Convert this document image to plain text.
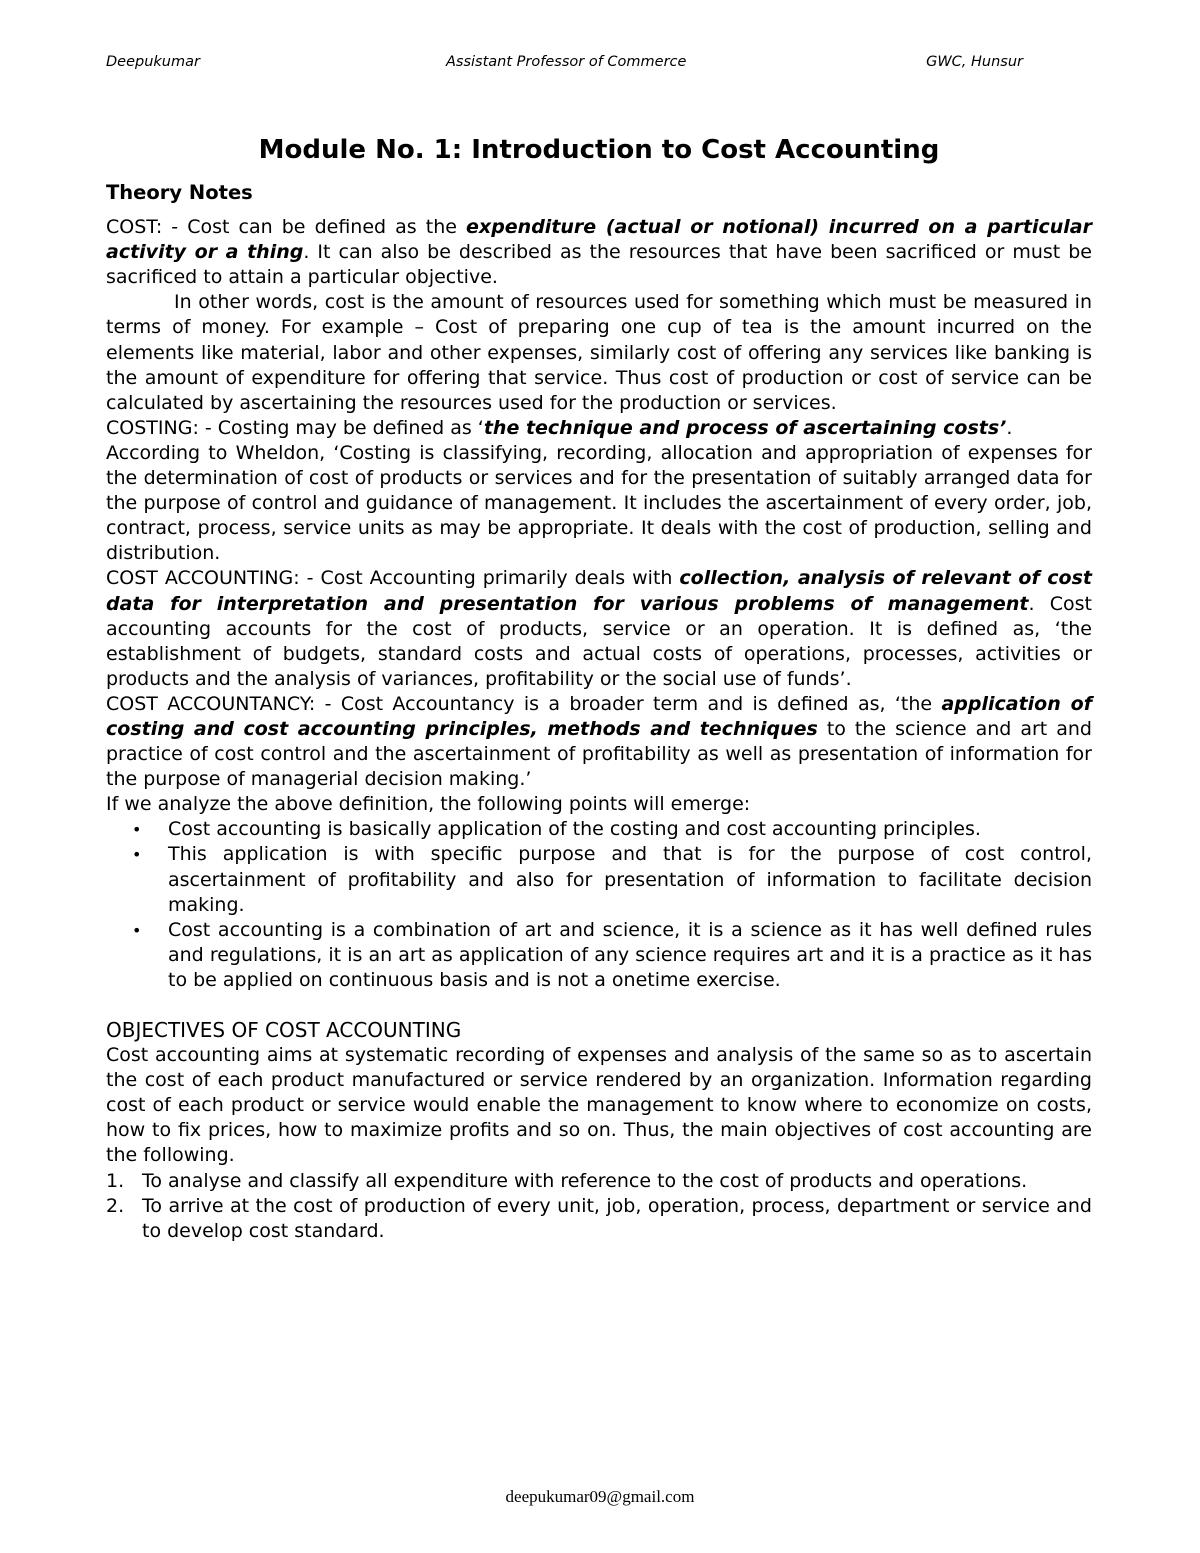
Deepukumar	Assistant Professor of Commerce	GWC, Hunsur
Module No. 1: Introduction to Cost Accounting
Theory Notes

COST: - Cost can be defined as the expenditure (actual or notional) incurred on a particular activity or a thing. It can also be described as the resources that have been sacrificed or must be sacrificed to attain a particular objective.

In other words, cost is the amount of resources used for something which must be measured in terms of money. For example – Cost of preparing one cup of tea is the amount incurred on the elements like material, labor and other expenses, similarly cost of offering any services like banking is the amount of expenditure for offering that service. Thus cost of production or cost of service can be calculated by ascertaining the resources used for the production or services.

COSTING: - Costing may be defined as ‘the technique and process of ascertaining costs’.

According to Wheldon, ‘Costing is classifying, recording, allocation and appropriation of expenses for the determination of cost of products or services and for the presentation of suitably arranged data for the purpose of control and guidance of management. It includes the ascertainment of every order, job, contract, process, service units as may be appropriate. It deals with the cost of production, selling and distribution.

COST ACCOUNTING: - Cost Accounting primarily deals with collection, analysis of relevant of cost data for interpretation and presentation for various problems of management. Cost accounting accounts for the cost of products, service or an operation. It is defined as, ‘the establishment of budgets, standard costs and actual costs of operations, processes, activities or products and the analysis of variances, profitability or the social use of funds’.

COST ACCOUNTANCY: - Cost Accountancy is a broader term and is defined as, ‘the application of costing and cost accounting principles, methods and techniques to the science and art and practice of cost control and the ascertainment of profitability as well as presentation of information for the purpose of managerial decision making.’

If we analyze the above definition, the following points will emerge:

• Cost accounting is basically application of the costing and cost accounting principles.
• This application is with specific purpose and that is for the purpose of cost control, ascertainment of profitability and also for presentation of information to facilitate decision making.
• Cost accounting is a combination of art and science, it is a science as it has well defined rules and regulations, it is an art as application of any science requires art and it is a practice as it has to be applied on continuous basis and is not a onetime exercise.
OBJECTIVES OF COST ACCOUNTING

Cost accounting aims at systematic recording of expenses and analysis of the same so as to ascertain the cost of each product manufactured or service rendered by an organization. Information regarding cost of each product or service would enable the management to know where to economize on costs, how to fix prices, how to maximize profits and so on. Thus, the main objectives of cost accounting are the following.

1. To analyse and classify all expenditure with reference to the cost of products and operations.
2. To arrive at the cost of production of every unit, job, operation, process, department or service and to develop cost standard.
deepukumar09@gmail.com
